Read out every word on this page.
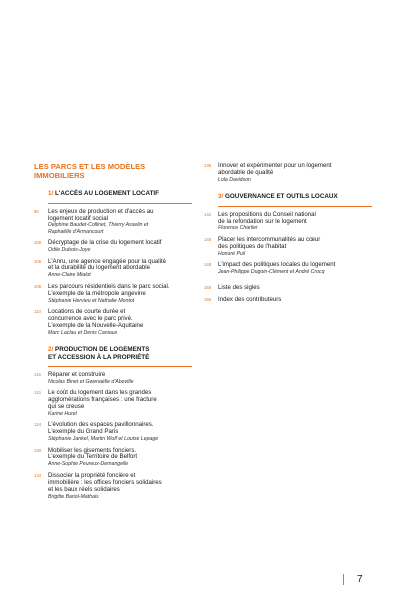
LES PARCS ET LES MODÈLES
IMMOBILIERS
1/ L'ACCÈS AU LOGEMENT LOCATIF
90	Les enjeux de production et d'accès au
logement locatif social
Delphine Baudet-Collinet, Thierry Asselin et
Raphaëlle d'Armancourt
100	Décryptage de la crise du logement locatif
Odile Dubois-Joye
105	L'Anru, une agence engagée pour la qualité
et la durabilité du logement abordable
Anne-Claire Mialot
106	Les parcours résidentiels dans le parc social.
L'exemple de la métropole angevine
Stéphanie Hervieu et Nathalie Montot
110	Locations de courte durée et
concurrence avec le parc privé.
L'exemple de la Nouvelle-Aquitaine
Marc Laclau et Denis Caniaux
2/ PRODUCTION DE LOGEMENTS
ET ACCESSION À LA PROPRIÉTÉ
116	Réparer et construire
Nicolas Binet et Gwenaëlle d'Aboville
121	Le coût du logement dans les grandes
agglomérations françaises : une fracture
qui se creuse
Karine Hurel
124	L'évolution des espaces pavillonnaires.
L'exemple du Grand Paris
Stéphanie Jankel, Martin Wolf et Louise Lepage
130	Mobiliser les gisements fonciers.
L'exemple du Territoire de Belfort
Anne-Sophie Peureux-Demangelle
134	Dissocier la propriété foncière et
immobilière : les offices fonciers solidaires
et les baux réels solidaires
Brigitte Bariol-Mathais
136	Innover et expérimenter pour un logement
abordable de qualité
Lola Davidson
3/ GOUVERNANCE ET OUTILS LOCAUX
142	Les propositions du Conseil national
de la refondation sur le logement
Florence Charlier
145	Placer les intercommunalités au cœur
des politiques de l'habitat
Honoré Puil
148	L'impact des politiques locales du logement
Jean-Philippe Dugoin-Clément et André Crocq
155	Liste des sigles
156	Index des contributeurs
7
